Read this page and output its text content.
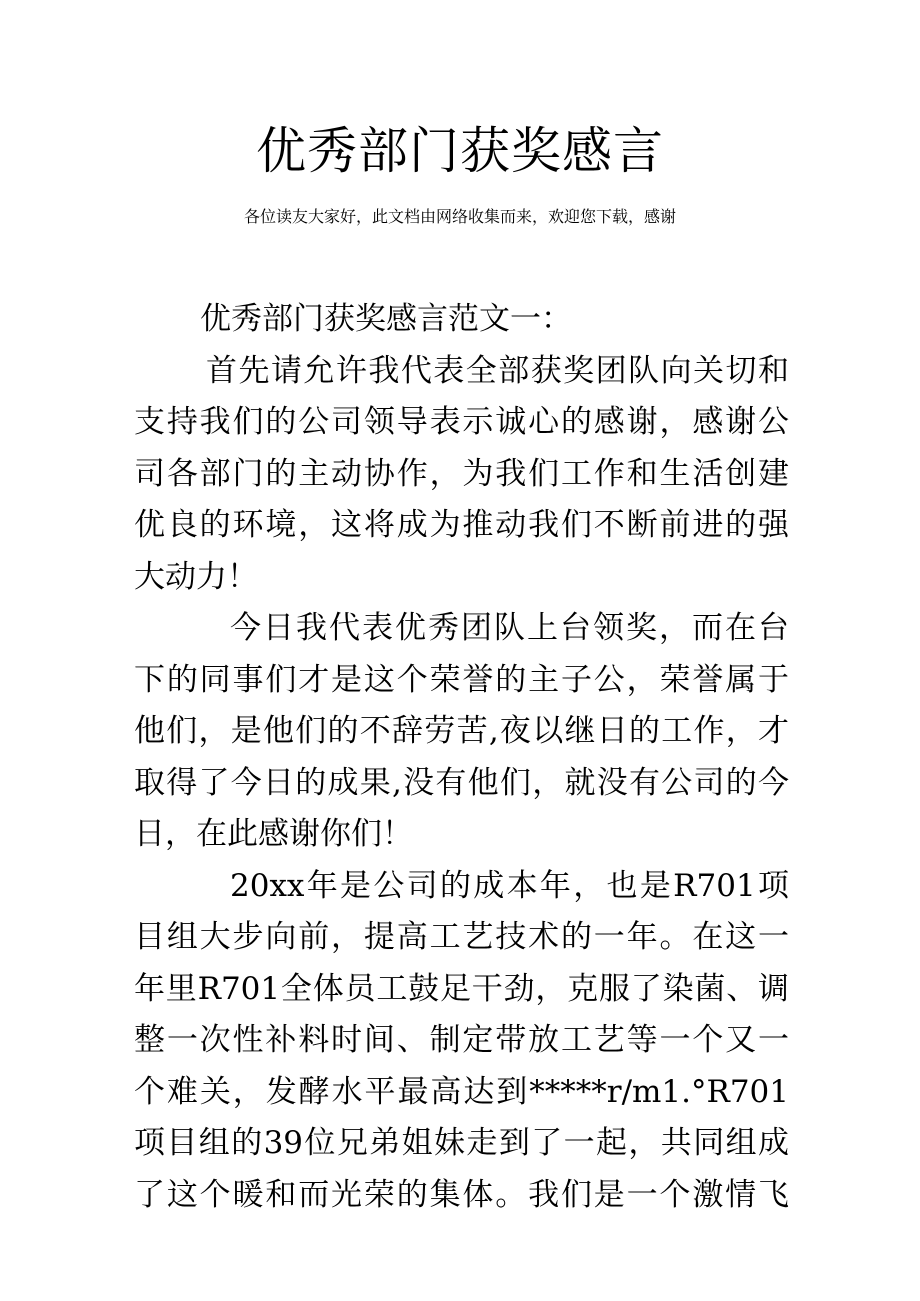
优秀部门获奖感言
各位读友大家好，此文档由网络收集而来，欢迎您下载，感谢
优秀部门获奖感言范文一：
首先请允许我代表全部获奖团队向关切和
支持我们的公司领导表示诚心的感谢，感谢公
司各部门的主动协作，为我们工作和生活创建
优良的环境，这将成为推动我们不断前进的强
大动力！
今日我代表优秀团队上台领奖，而在台
下的同事们才是这个荣誉的主子公，荣誉属于
他们，是他们的不辞劳苦,夜以继日的工作，才
取得了今日的成果,没有他们，就没有公司的今
日，在此感谢你们！
20xx年是公司的成本年，也是R701项
目组大步向前，提高工艺技术的一年。在这一
年里R701全体员工鼓足干劲，克服了染菌、调
整一次性补料时间、制定带放工艺等一个又一
个难关，发酵水平最高达到*****r∕m1.°R701
项目组的39位兄弟姐妹走到了一起，共同组成
了这个暖和而光荣的集体。我们是一个激情飞
